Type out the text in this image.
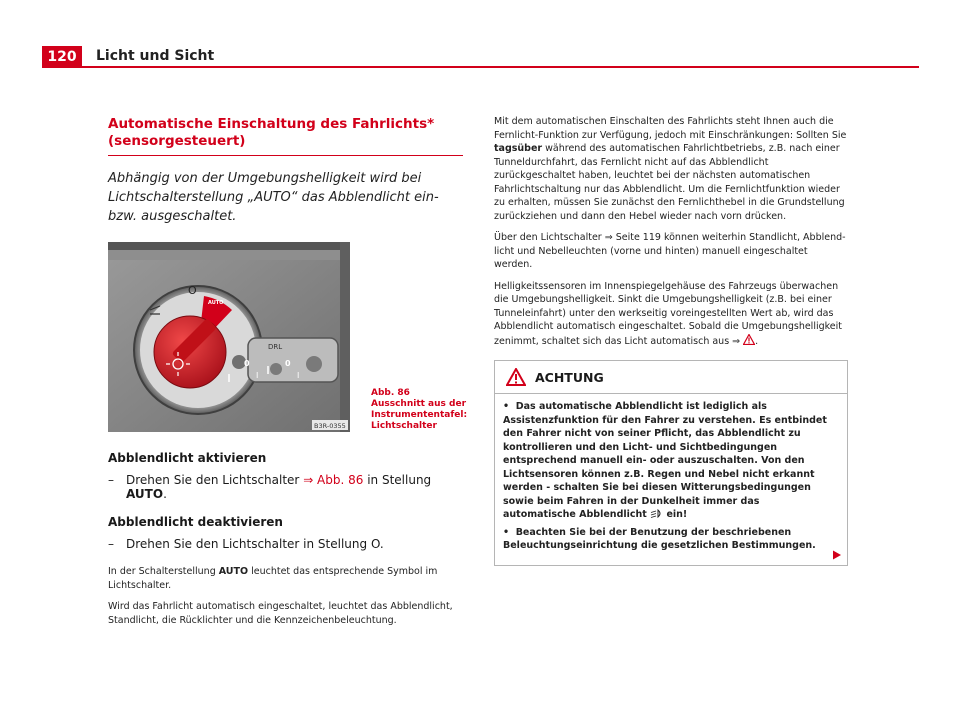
120	Licht und Sicht
Automatische Einschaltung des Fahrlichts* (sensorgesteuert)
Abhängig von der Umgebungshelligkeit wird bei Lichtschalterstellung „AUTO“ das Abblendlicht ein- bzw. ausgeschaltet.
O
AUTO
DRL
0	0
I	I
B3R-0355
Abb. 86  Ausschnitt aus der Instrumententafel: Lichtschalter
Abblendlicht aktivieren
–	Drehen Sie den Lichtschalter ⇒ Abb. 86 in Stellung AUTO.
Abblendlicht deaktivieren
–	Drehen Sie den Lichtschalter in Stellung O.
In der Schalterstellung AUTO leuchtet das entsprechende Symbol im Lichtschalter.
Wird das Fahrlicht automatisch eingeschaltet, leuchtet das Abblendlicht, Standlicht, die Rücklichter und die Kennzeichenbeleuchtung.

Mit dem automatischen Einschalten des Fahrlichts steht Ihnen auch die Fernlicht-Funktion zur Verfügung, jedoch mit Einschränkungen: Sollten Sie tagsüber während des automatischen Fahrlichtbetriebs, z.B. nach einer Tunneldurchfahrt, das Fernlicht nicht auf das Abblendlicht zurückgeschaltet haben, leuchtet bei der nächsten automatischen Fahrlichtschaltung nur das Abblendlicht. Um die Fernlichtfunktion wieder zu erhalten, müssen Sie zunächst den Fernlichthebel in die Grundstellung zurückziehen und dann den Hebel wieder nach vorn drücken.

Über den Lichtschalter ⇒ Seite 119 können weiterhin Standlicht, Abblendlicht und Nebelleuchten (vorne und hinten) manuell eingeschaltet werden.

Helligkeitssensoren im Innenspiegelgehäuse des Fahrzeugs überwachen die Umgebungshelligkeit. Sinkt die Umgebungshelligkeit (z.B. bei einer Tunneleinfahrt) unter den werkseitig voreingestellten Wert ab, wird das Abblendlicht automatisch eingeschaltet. Sobald die Umgebungshelligkeit zenimmt, schaltet sich das Licht automatisch aus ⇒ .

ACHTUNG
•  Das automatische Abblendlicht ist lediglich als Assistenzfunktion für den Fahrer zu verstehen. Es entbindet den Fahrer nicht von seiner Pflicht, das Abblendlicht zu kontrollieren und den Licht- und Sichtbedingungen entsprechend manuell ein- oder auszuschalten. Von den Lichtsensoren können z.B. Regen und Nebel nicht erkannt werden - schalten Sie bei diesen Witterungsbedingungen sowie beim Fahren in der Dunkelheit immer das automatische Abblendlicht  ein!
•  Beachten Sie bei der Benutzung der beschriebenen Beleuchtungseinrichtung die gesetzlichen Bestimmungen.
